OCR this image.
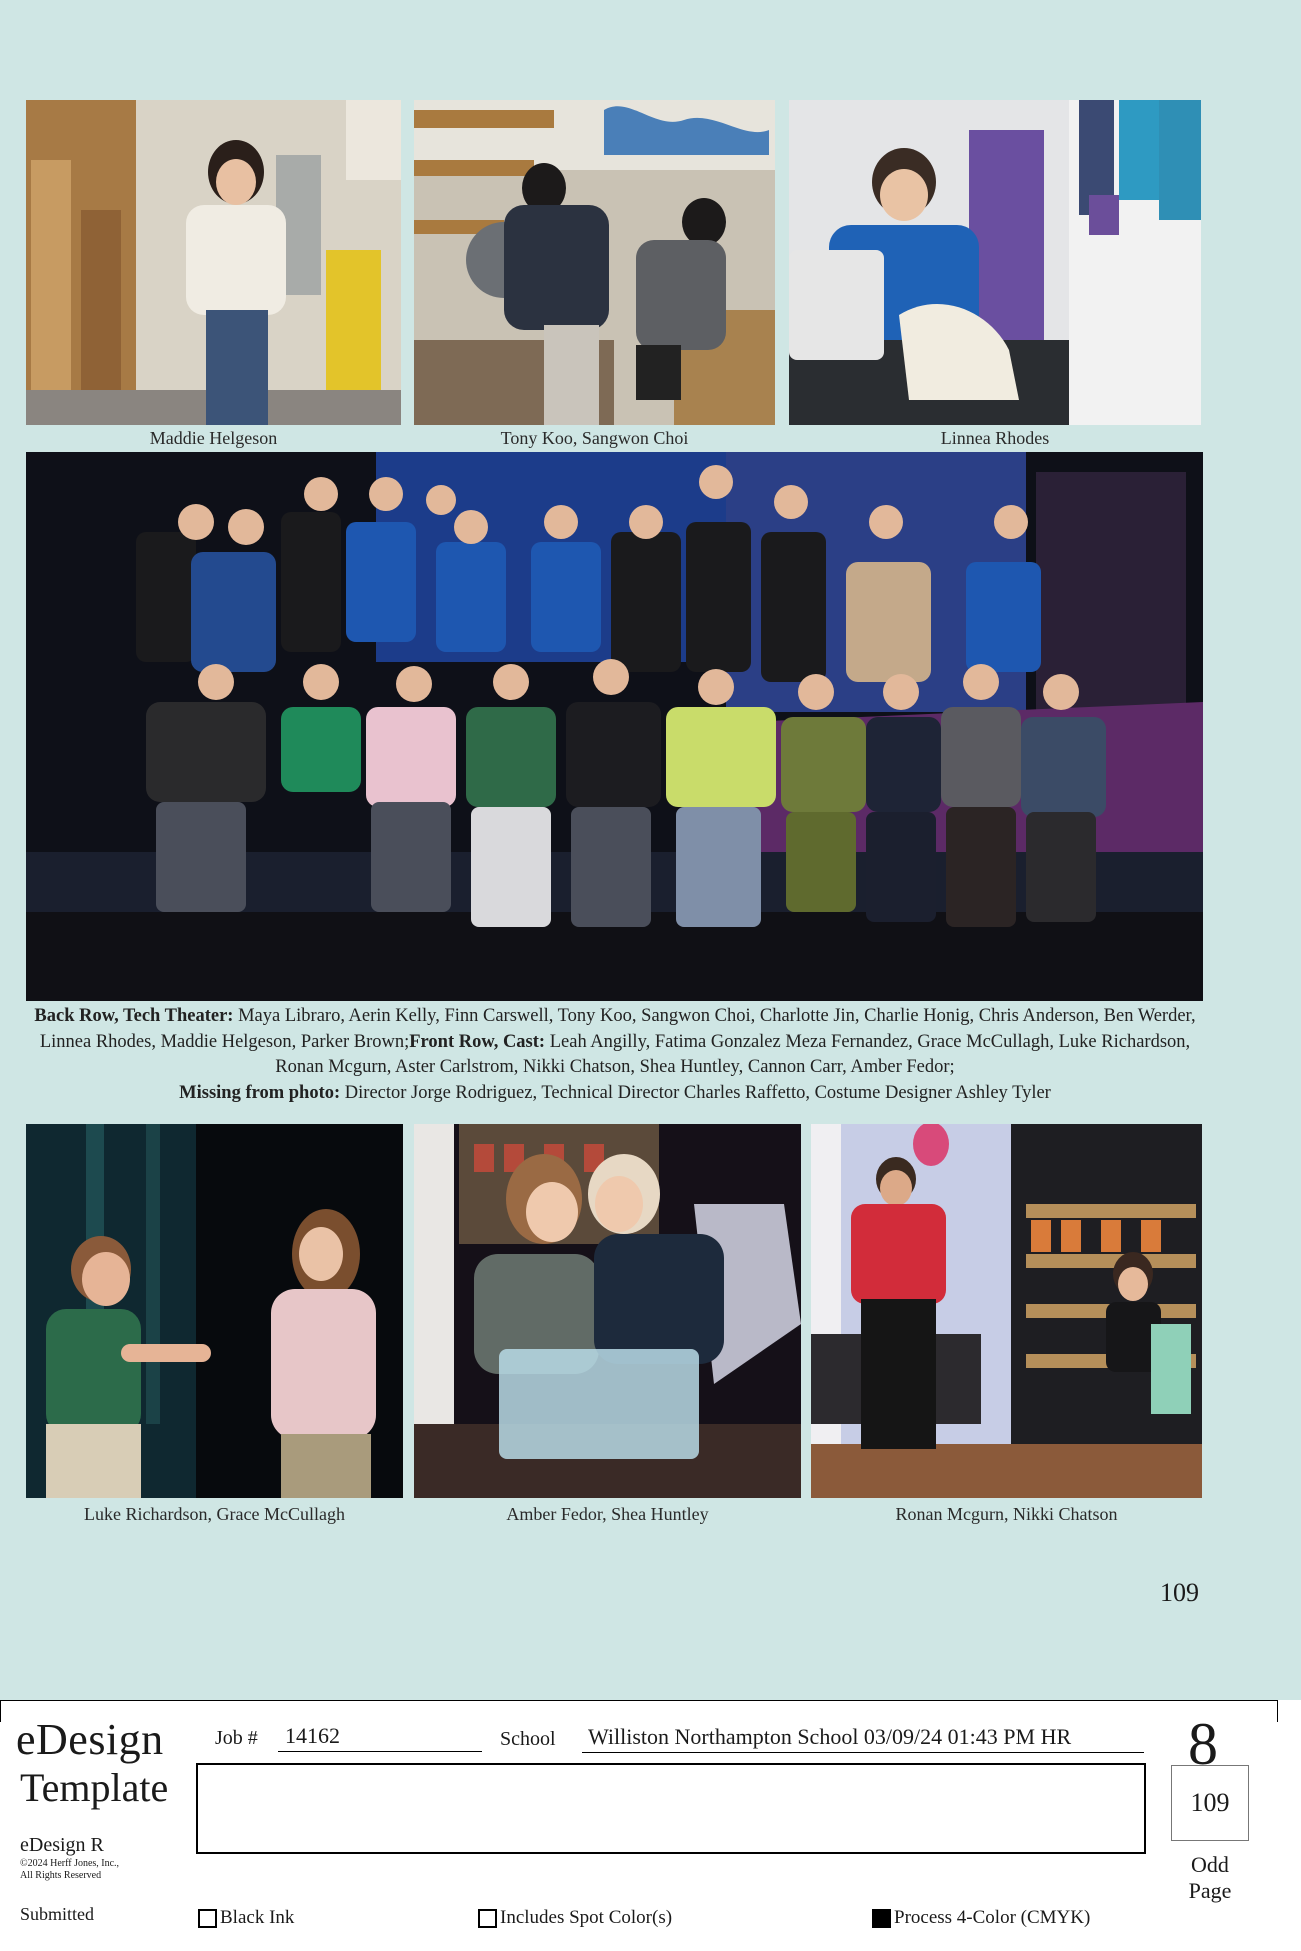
Maddie Helgeson	Tony Koo, Sangwon Choi	Linnea Rhodes
Back Row, Tech Theater: Maya Libraro, Aerin Kelly, Finn Carswell, Tony Koo, Sangwon Choi, Charlotte Jin, Charlie Honig, Chris Anderson, Ben Werder, Linnea Rhodes, Maddie Helgeson, Parker Brown;Front Row, Cast: Leah Angilly, Fatima Gonzalez Meza Fernandez, Grace McCullagh, Luke Richardson, Ronan Mcgurn, Aster Carlstrom, Nikki Chatson, Shea Huntley, Cannon Carr, Amber Fedor;
Missing from photo: Director Jorge Rodriguez, Technical Director Charles Raffetto, Costume Designer Ashley Tyler
Luke Richardson, Grace McCullagh	Amber Fedor, Shea Huntley	Ronan Mcgurn, Nikki Chatson
109
eDesign
Template
eDesign R
©2024 Herff Jones, Inc.,
All Rights Reserved
Submitted
Job # 14162	School Williston Northampton School 03/09/24 01:43 PM HR 8
109
Odd
Page
Black Ink	Includes Spot Color(s)	Process 4-Color (CMYK)
